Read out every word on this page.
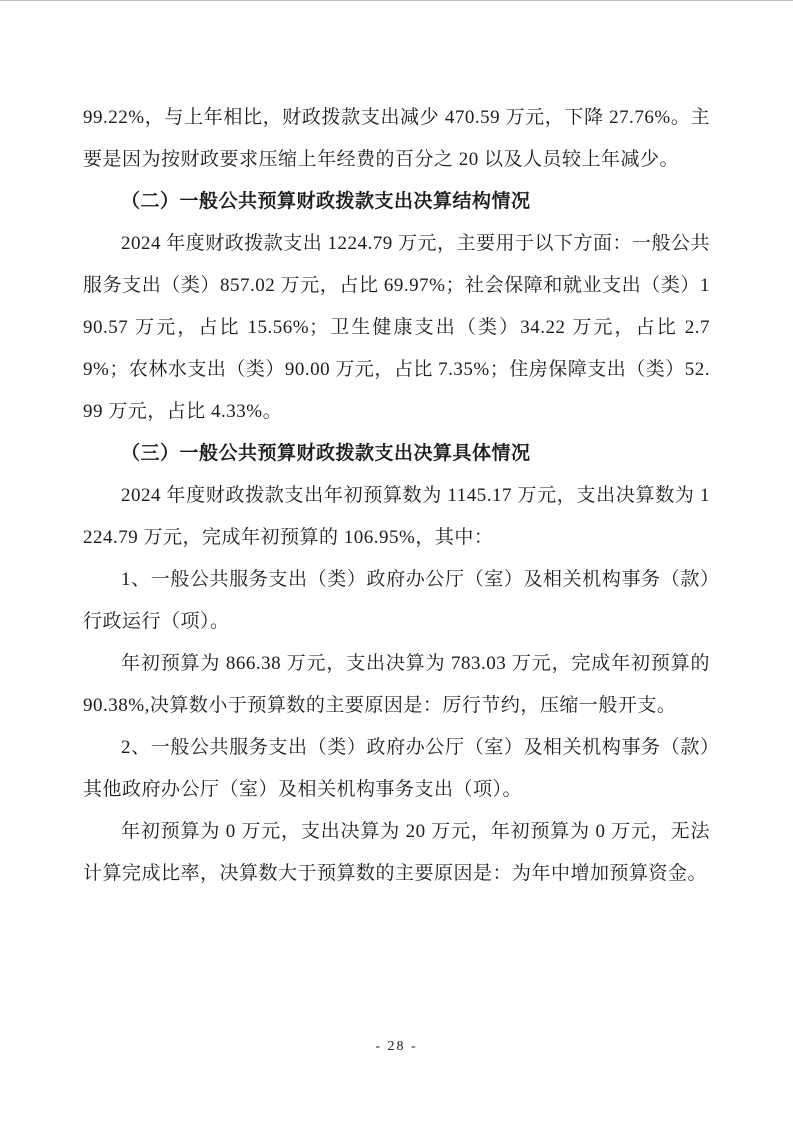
99.22%，与上年相比，财政拨款支出减少 470.59 万元，下降 27.76%。主要是因为按财政要求压缩上年经费的百分之 20 以及人员较上年减少。

（二）一般公共预算财政拨款支出决算结构情况

2024 年度财政拨款支出 1224.79 万元，主要用于以下方面：一般公共服务支出（类）857.02 万元，占比 69.97%；社会保障和就业支出（类）190.57 万元，占比 15.56%；卫生健康支出（类）34.22 万元，占比 2.79%；农林水支出（类）90.00 万元，占比 7.35%；住房保障支出（类）52.99 万元，占比 4.33%。

（三）一般公共预算财政拨款支出决算具体情况

2024 年度财政拨款支出年初预算数为 1145.17 万元，支出决算数为 1224.79 万元，完成年初预算的 106.95%，其中：

1、一般公共服务支出（类）政府办公厅（室）及相关机构事务（款）行政运行（项）。

年初预算为 866.38 万元，支出决算为 783.03 万元，完成年初预算的 90.38%,决算数小于预算数的主要原因是：厉行节约，压缩一般开支。

2、一般公共服务支出（类）政府办公厅（室）及相关机构事务（款）其他政府办公厅（室）及相关机构事务支出（项）。

年初预算为 0 万元，支出决算为 20 万元，年初预算为 0 万元，无法计算完成比率，决算数大于预算数的主要原因是：为年中增加预算资金。

- 28 -
